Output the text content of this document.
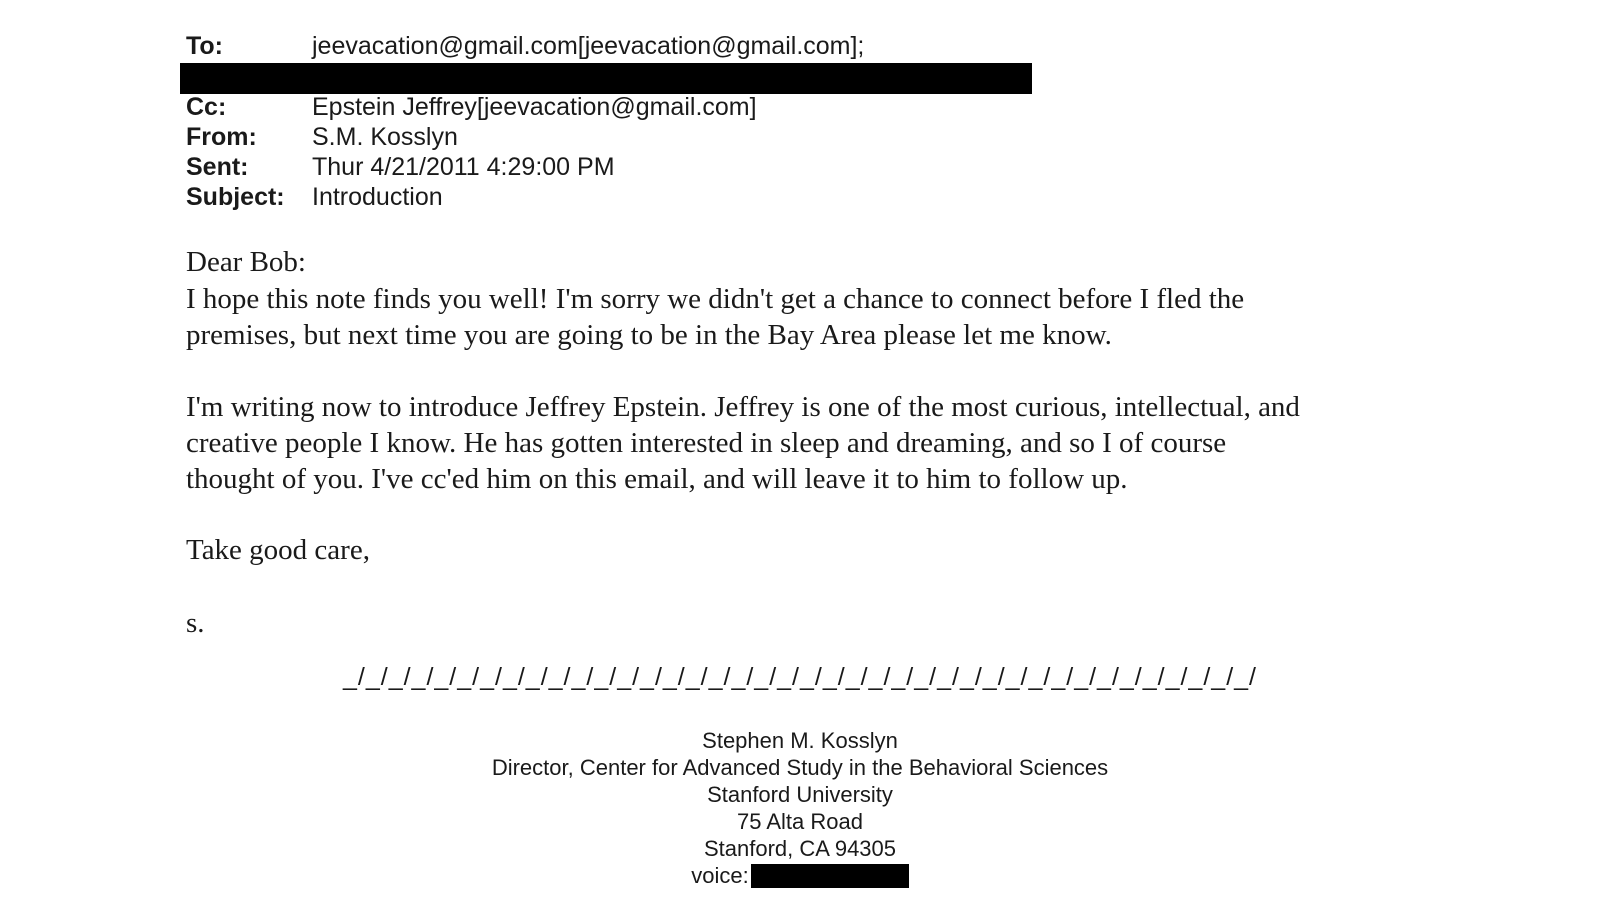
To:	jeevacation@gmail.com[jeevacation@gmail.com];
Cc:	Epstein Jeffrey[jeevacation@gmail.com]
From: S.M. Kosslyn
Sent:	Thur 4/21/2011 4:29:00 PM
Subject: Introduction
Dear Bob:
I hope this note finds you well! I'm sorry we didn't get a chance to connect before I fled the
premises, but next time you are going to be in the Bay Area please let me know.
I'm writing now to introduce Jeffrey Epstein. Jeffrey is one of the most curious, intellectual, and
creative people I know. He has gotten interested in sleep and dreaming, and so I of course
thought of you. I've cc'ed him on this email, and will leave it to him to follow up.
Take good care,
s.
_/_/_/_/_/_/_/_/_/_/_/_/_/_/_/_/_/_/_/_/_/_/_/_/_/_/_/_/_/_/_/_/_/_/_/_/_/_/_/_/
Stephen M. Kosslyn
Director, Center for Advanced Study in the Behavioral Sciences
Stanford University
75 Alta Road
Stanford, CA 94305
voice:
